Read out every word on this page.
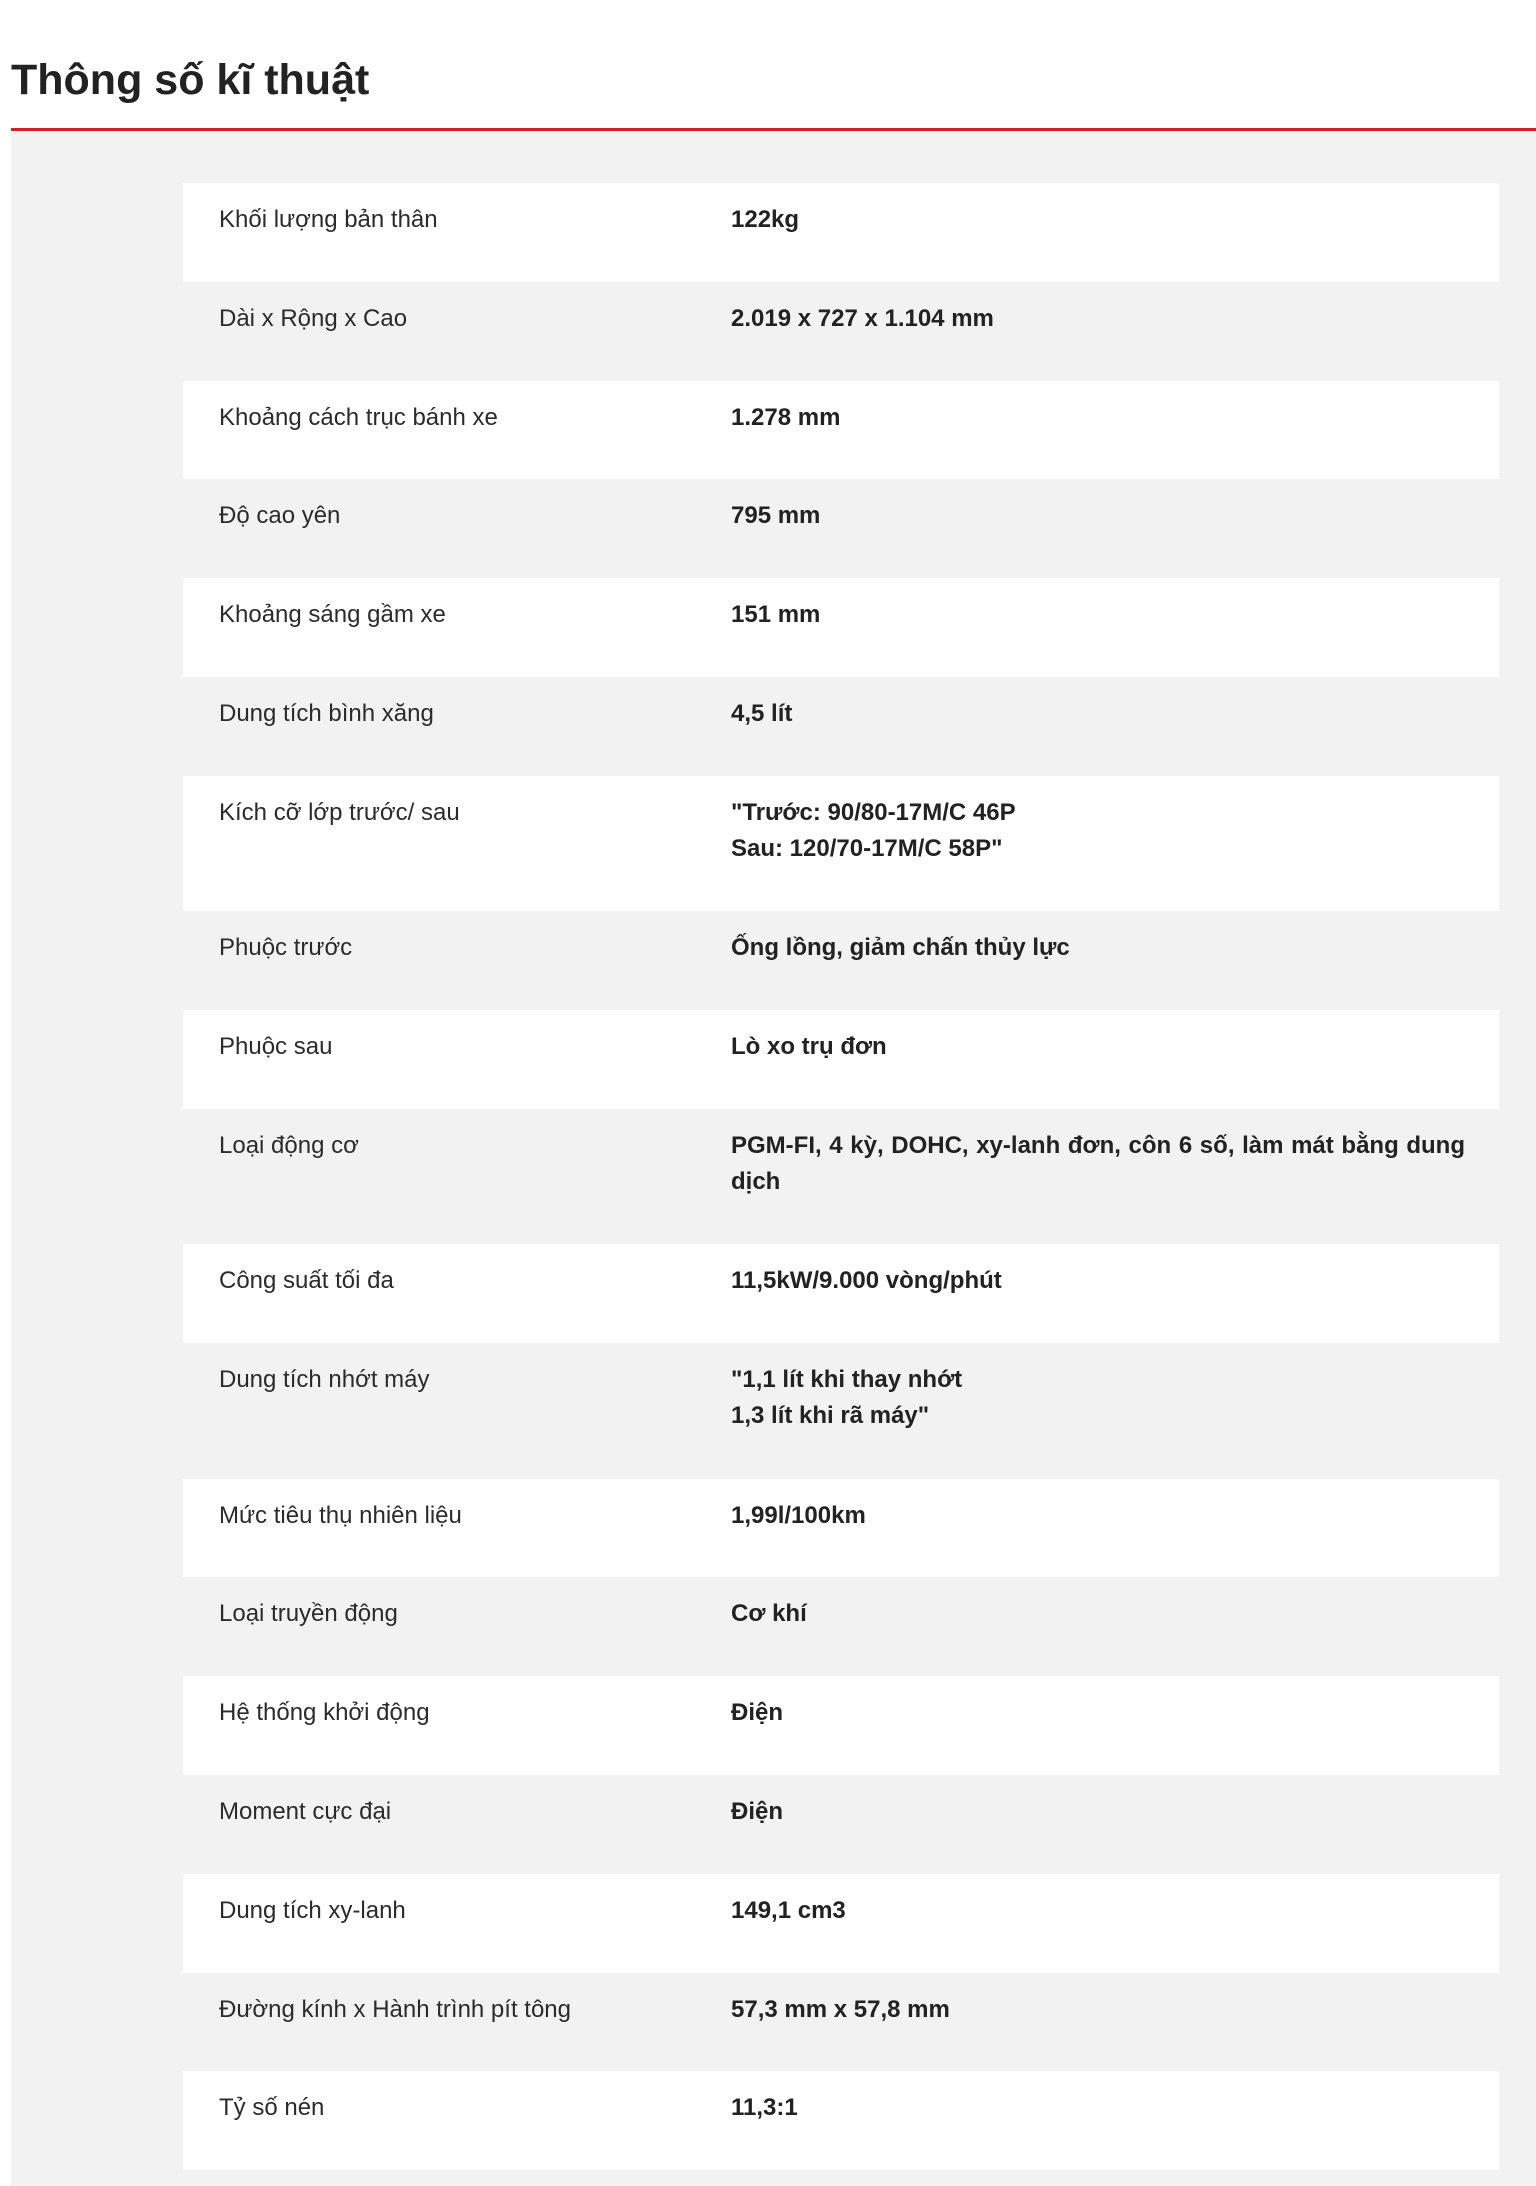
Thông số kĩ thuật
Khối lượng bản thân	122kg
Dài x Rộng x Cao	2.019 x 727 x 1.104 mm
Khoảng cách trục bánh xe	1.278 mm
Độ cao yên	795 mm
Khoảng sáng gầm xe	151 mm
Dung tích bình xăng	4,5 lít
Kích cỡ lớp trước/ sau	"Trước: 90/80-17M/C 46P
Sau: 120/70-17M/C 58P"
Phuộc trước	Ống lồng, giảm chấn thủy lực
Phuộc sau	Lò xo trụ đơn
Loại động cơ	PGM-FI, 4 kỳ, DOHC, xy-lanh đơn, côn 6 số, làm mát bằng dung dịch
Công suất tối đa	11,5kW/9.000 vòng/phút
Dung tích nhớt máy	"1,1 lít khi thay nhớt
1,3 lít khi rã máy"
Mức tiêu thụ nhiên liệu	1,99l/100km
Loại truyền động	Cơ khí
Hệ thống khởi động	Điện
Moment cực đại	Điện
Dung tích xy-lanh	149,1 cm3
Đường kính x Hành trình pít tông	57,3 mm x 57,8 mm
Tỷ số nén	11,3:1
